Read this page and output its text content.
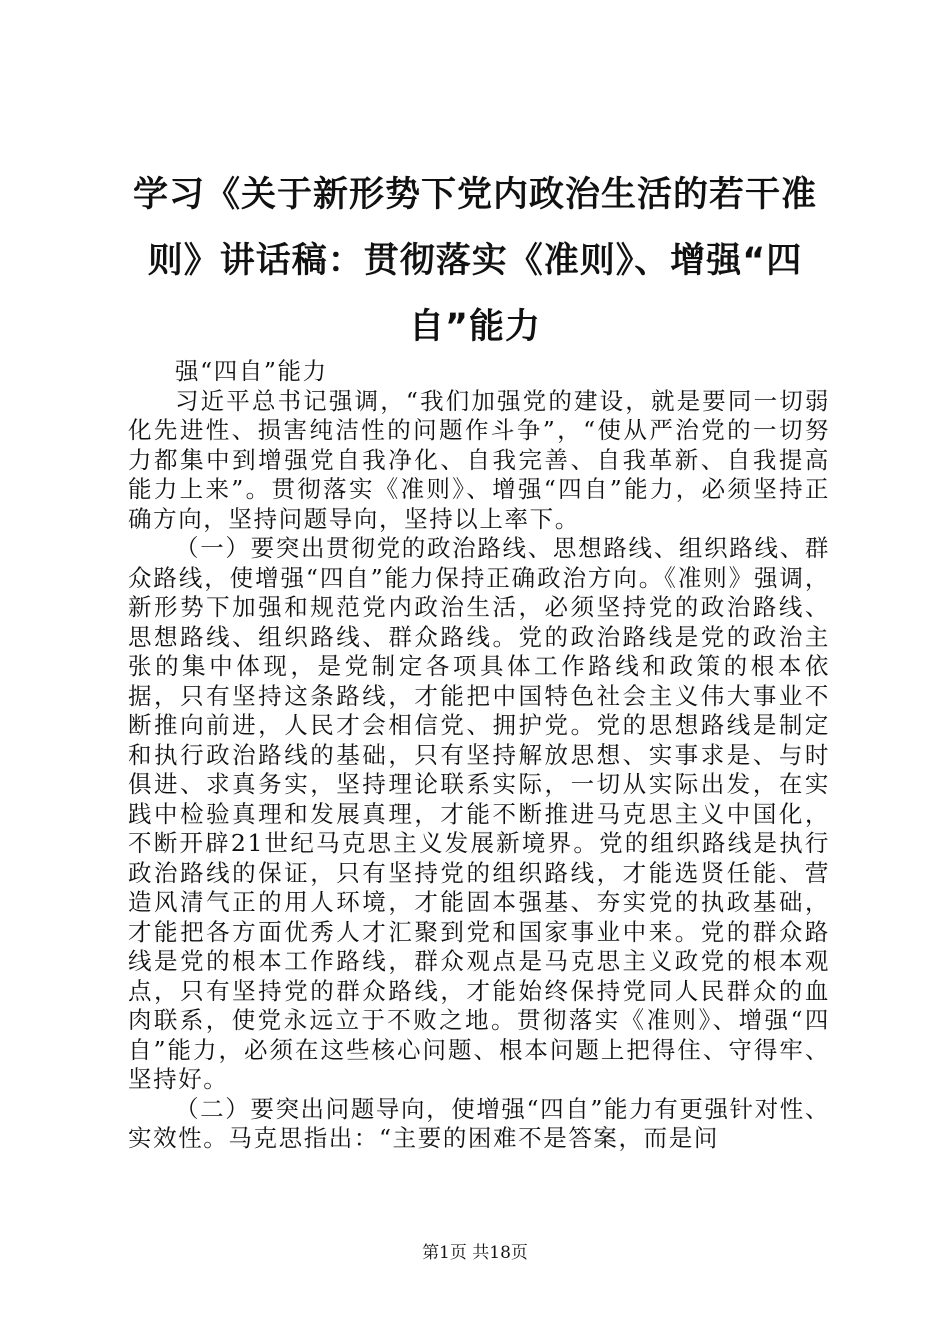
学习《关于新形势下党内政治生活的若干准则》讲话稿：贯彻落实《准则》、增强“四自”能力

强“四自”能力

习近平总书记强调，“我们加强党的建设，就是要同一切弱化先进性、损害纯洁性的问题作斗争”，“使从严治党的一切努力都集中到增强党自我净化、自我完善、自我革新、自我提高能力上来”。贯彻落实《准则》、增强“四自”能力，必须坚持正确方向，坚持问题导向，坚持以上率下。

（一）要突出贯彻党的政治路线、思想路线、组织路线、群众路线，使增强“四自”能力保持正确政治方向。《准则》强调，新形势下加强和规范党内政治生活，必须坚持党的政治路线、思想路线、组织路线、群众路线。党的政治路线是党的政治主张的集中体现，是党制定各项具体工作路线和政策的根本依据，只有坚持这条路线，才能把中国特色社会主义伟大事业不断推向前进，人民才会相信党、拥护党。党的思想路线是制定和执行政治路线的基础，只有坚持解放思想、实事求是、与时俱进、求真务实，坚持理论联系实际，一切从实际出发，在实践中检验真理和发展真理，才能不断推进马克思主义中国化，不断开辟21世纪马克思主义发展新境界。党的组织路线是执行政治路线的保证，只有坚持党的组织路线，才能选贤任能、营造风清气正的用人环境，才能固本强基、夯实党的执政基础，才能把各方面优秀人才汇聚到党和国家事业中来。党的群众路线是党的根本工作路线，群众观点是马克思主义政党的根本观点，只有坚持党的群众路线，才能始终保持党同人民群众的血肉联系，使党永远立于不败之地。贯彻落实《准则》、增强“四自”能力，必须在这些核心问题、根本问题上把得住、守得牢、坚持好。

（二）要突出问题导向，使增强“四自”能力有更强针对性、实效性。马克思指出：“主要的困难不是答案，而是问

第1页 共18页
